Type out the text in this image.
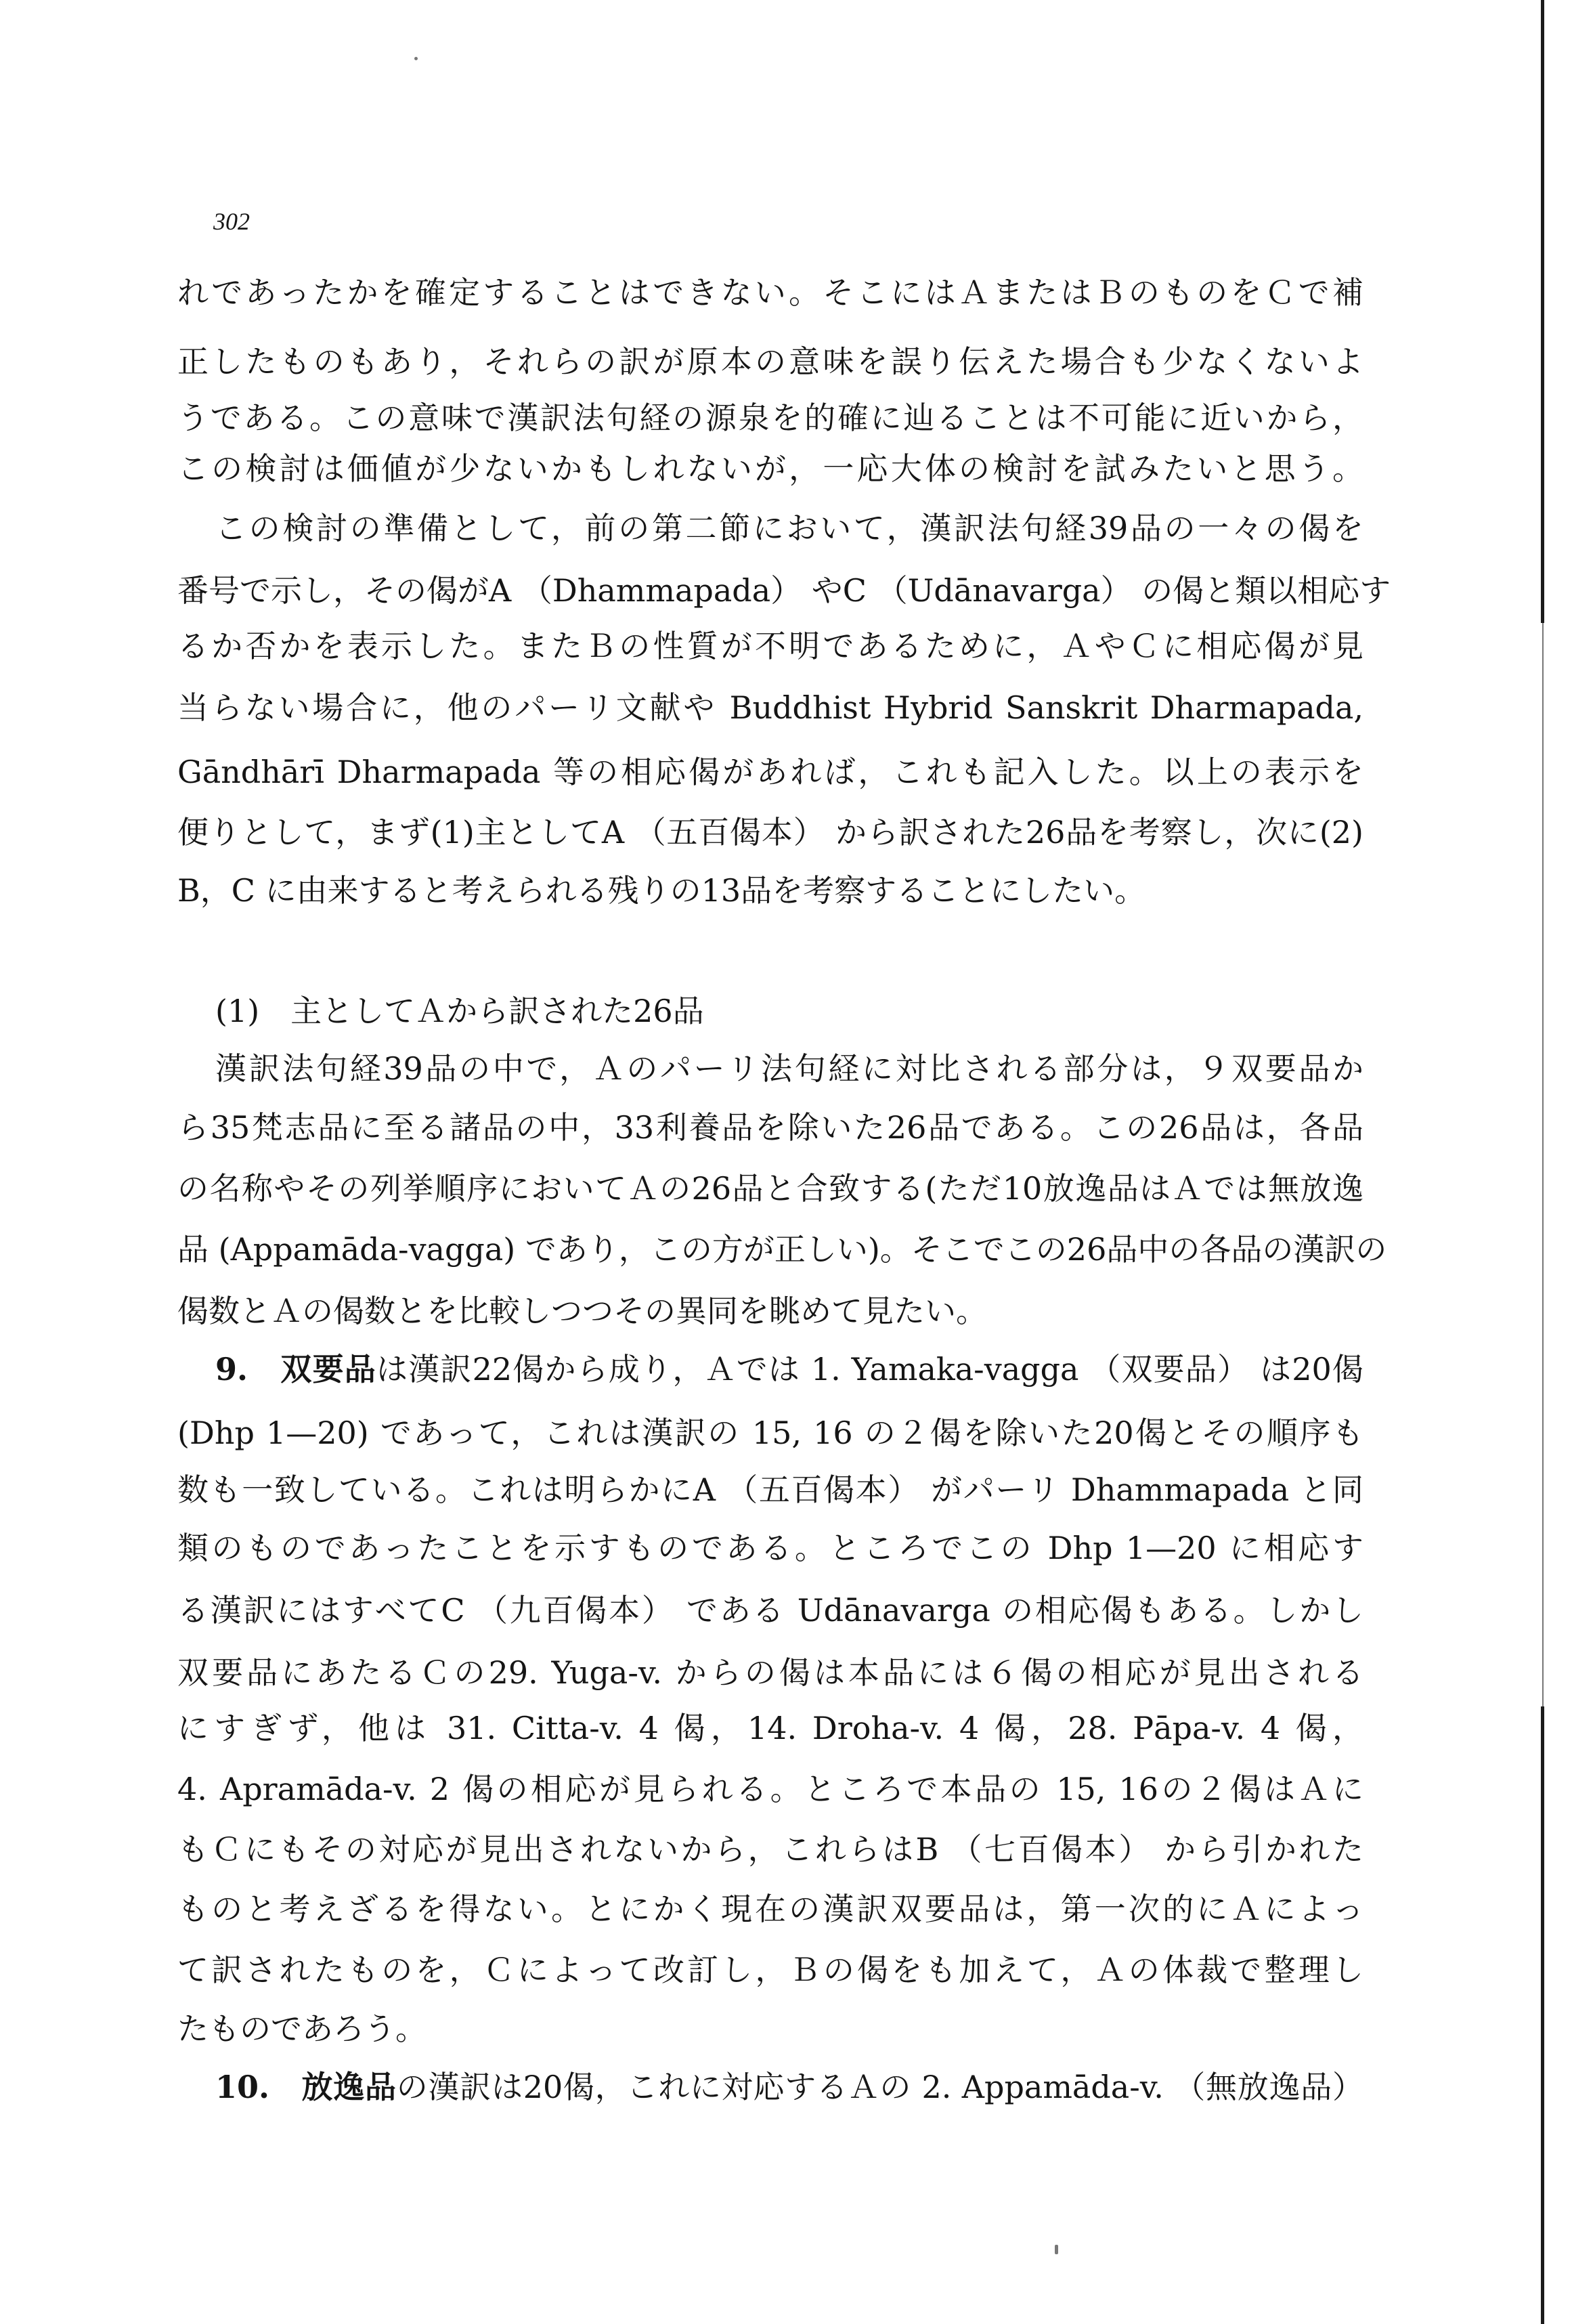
302

れであったかを確定することはできない。そこにはＡまたはＢのものをＣで補

正したものもあり，それらの訳が原本の意味を誤り伝えた場合も少なくないよ

うである。この意味で漢訳法句経の源泉を的確に辿ることは不可能に近いから，

この検討は価値が少ないかもしれないが，一応大体の検討を試みたいと思う。

この検討の準備として，前の第二節において，漢訳法句経39品の一々の偈を

番号で示し，その偈がA （Dhammapada） やC （Udānavarga） の偈と類以相応す

るか否かを表示した。またＢの性質が不明であるために，ＡやＣに相応偈が見

当らない場合に，他のパーリ文献や Buddhist Hybrid Sanskrit Dharmapada,

Gāndhārī Dharmapada 等の相応偈があれば，これも記入した。以上の表示を

便りとして，まず(1)主としてA （五百偈本） から訳された26品を考察し，次に(2)

B，C に由来すると考えられる残りの13品を考察することにしたい。

(1)　主としてＡから訳された26品

漢訳法句経39品の中で，Ａのパーリ法句経に対比される部分は，９双要品か

ら35梵志品に至る諸品の中，33利養品を除いた26品である。この26品は，各品

の名称やその列挙順序においてＡの26品と合致する(ただ10放逸品はＡでは無放逸

品 (Appamāda-vagga) であり，この方が正しい)。そこでこの26品中の各品の漢訳の

偈数とＡの偈数とを比較しつつその異同を眺めて見たい。

9.　双要品は漢訳22偈から成り，Ａでは 1. Yamaka-vagga （双要品） は20偈

(Dhp 1—20) であって，これは漢訳の 15, 16 の２偈を除いた20偈とその順序も

数も一致している。これは明らかにA （五百偈本） がパーリ Dhammapada と同

類のものであったことを示すものである。ところでこの Dhp 1—20 に相応す

る漢訳にはすべてC （九百偈本） である Udānavarga の相応偈もある。しかし

双要品にあたるＣの29. Yuga-v. からの偈は本品には６偈の相応が見出される

にすぎず，他は 31. Citta-v. 4 偈，14. Droha-v. 4 偈，28. Pāpa-v. 4 偈，

4. Apramāda-v. 2 偈の相応が見られる。ところで本品の 15, 16の２偈はＡに

もＣにもその対応が見出されないから，これらはB （七百偈本） から引かれた

ものと考えざるを得ない。とにかく現在の漢訳双要品は，第一次的にＡによっ

て訳されたものを，Ｃによって改訂し，Ｂの偈をも加えて，Ａの体裁で整理し

たものであろう。

10.　放逸品の漢訳は20偈，これに対応するＡの 2. Appamāda-v. （無放逸品）
